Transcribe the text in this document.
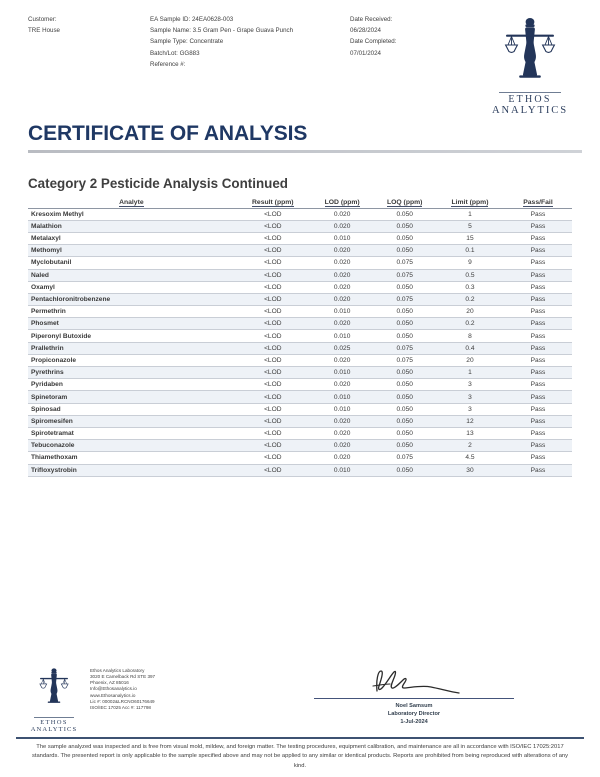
Customer:
TRE House
EA Sample ID: 24EA0628-003
Sample Name: 3.5 Gram Pen - Grape Guava Punch
Sample Type: Concentrate
Batch/Lot: GG883
Reference #:
Date Received:
06/28/2024
Date Completed:
07/01/2024
ETHOS
ANALYTICS
CERTIFICATE OF ANALYSIS
Category 2 Pesticide Analysis Continued
Analyte	Result (ppm)	LOD (ppm)	LOQ (ppm)	Limit (ppm)	Pass/Fail
Kresoxim Methyl	<LOD	0.020	0.050	1	Pass
Malathion	<LOD	0.020	0.050	5	Pass
Metalaxyl	<LOD	0.010	0.050	15	Pass
Methomyl	<LOD	0.020	0.050	0.1	Pass
Myclobutanil	<LOD	0.020	0.075	9	Pass
Naled	<LOD	0.020	0.075	0.5	Pass
Oxamyl	<LOD	0.020	0.050	0.3	Pass
Pentachloronitrobenzene	<LOD	0.020	0.075	0.2	Pass
Permethrin	<LOD	0.010	0.050	20	Pass
Phosmet	<LOD	0.020	0.050	0.2	Pass
Piperonyl Butoxide	<LOD	0.010	0.050	8	Pass
Prallethrin	<LOD	0.025	0.075	0.4	Pass
Propiconazole	<LOD	0.020	0.075	20	Pass
Pyrethrins	<LOD	0.010	0.050	1	Pass
Pyridaben	<LOD	0.020	0.050	3	Pass
Spinetoram	<LOD	0.010	0.050	3	Pass
Spinosad	<LOD	0.010	0.050	3	Pass
Spiromesifen	<LOD	0.020	0.050	12	Pass
Spirotetramat	<LOD	0.020	0.050	13	Pass
Tebuconazole	<LOD	0.020	0.050	2	Pass
Thiamethoxam	<LOD	0.020	0.075	4.5	Pass
Trifloxystrobin	<LOD	0.010	0.050	30	Pass
ETHOS
ANALYTICS
Ethos Analytics Laboratory
3020 E Camelback Rd STE 397
Phoenix, AZ 85016
Info@Ethosanalytics.io
www.Ethosanalytics.io
Lic #: 00002&LRCNO60176649
ISO/IEC 17025 Acc #: 117798	Noel Samsum
Laboratory Director
1-Jul-2024
The sample analyzed was inspected and is free from visual mold, mildew, and foreign matter. The testing procedures, equipment calibration, and maintenance are all in accordance with ISO/IEC 17025:2017 standards. The presented report is only applicable to the sample specified above and may not be applied to any similar or identical products. Reports are prohibited from being reproduced with alterations of any kind.
